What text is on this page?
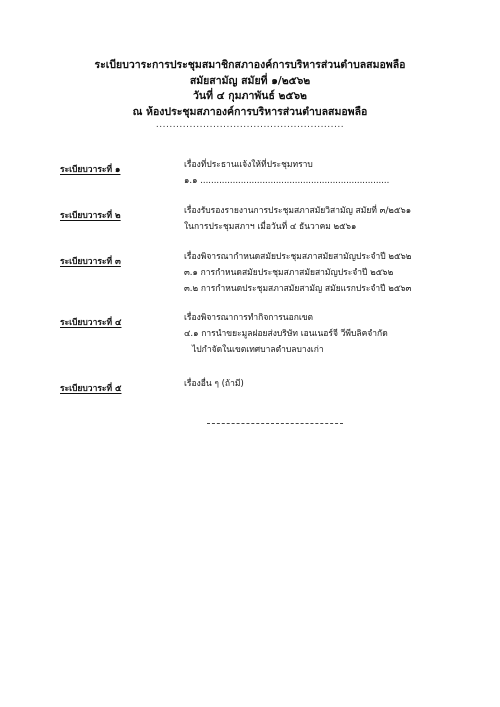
ระเบียบวาระการประชุมสมาชิกสภาองค์การบริหารส่วนตำบลสมอพลือ
สมัยสามัญ สมัยที่ ๑/๒๕๖๒
วันที่ ๔ กุมภาพันธ์ ๒๕๖๒
ณ ห้องประชุมสภาองค์การบริหารส่วนตำบลสมอพลือ
........................................................
ระเบียบวาระที่ ๑	เรื่องที่ประธานแจ้งให้ที่ประชุมทราบ
๑.๑ ......................................................................
ระเบียบวาระที่ ๒	เรื่องรับรองรายงานการประชุมสภาสมัยวิสามัญ สมัยที่ ๓/๒๕๖๑
ในการประชุมสภาฯ เมื่อวันที่ ๔ ธันวาคม ๒๕๖๑
ระเบียบวาระที่ ๓	เรื่องพิจารณากำหนดสมัยประชุมสภาสมัยสามัญประจำปี ๒๕๖๒
๓.๑ การกำหนดสมัยประชุมสภาสมัยสามัญประจำปี ๒๕๖๒
๓.๒ การกำหนดประชุมสภาสมัยสามัญ สมัยแรกประจำปี ๒๕๖๓
ระเบียบวาระที่ ๔	เรื่องพิจารณาการทำกิจการนอกเขต
๔.๑ การนำขยะมูลฝอยส่งบริษัท เอนเนอร์จี วีพีบลิคจำกัด
ไปกำจัดในเขตเทศบาลตำบลบางเก่า
ระเบียบวาระที่ ๕	เรื่องอื่น ๆ (ถ้ามี)
